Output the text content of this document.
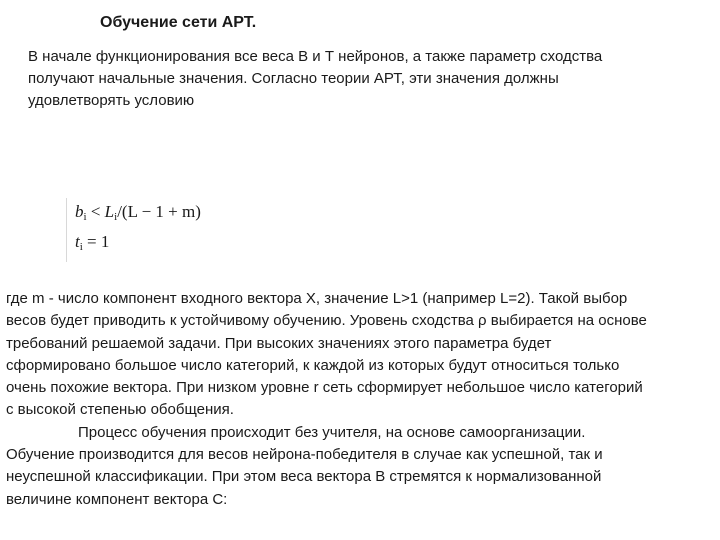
Обучение сети АРТ.
В начале функционирования все веса В и Т нейронов, а также параметр сходства
получают начальные значения. Согласно теории АРТ, эти значения должны
удовлетворять условию
$b_i < L_i/(L - 1 + m)$
$t_i = 1$
где m - число компонент входного вектора Х, значение L>1 (например L=2). Такой выбор
весов будет приводить к устойчивому обучению. Уровень сходства ρ выбирается на основе
требований решаемой задачи. При высоких значениях этого параметра будет
сформировано большое число категорий, к каждой из которых будут относиться только
очень похожие вектора. При низком уровне r сеть сформирует небольшое число категорий
с высокой степенью обобщения.
Процесс обучения происходит без учителя, на основе самоорганизации.
Обучение производится для весов нейрона-победителя в случае как успешной, так и
неуспешной классификации. При этом веса вектора В стремятся к нормализованной
величине компонент вектора С:
